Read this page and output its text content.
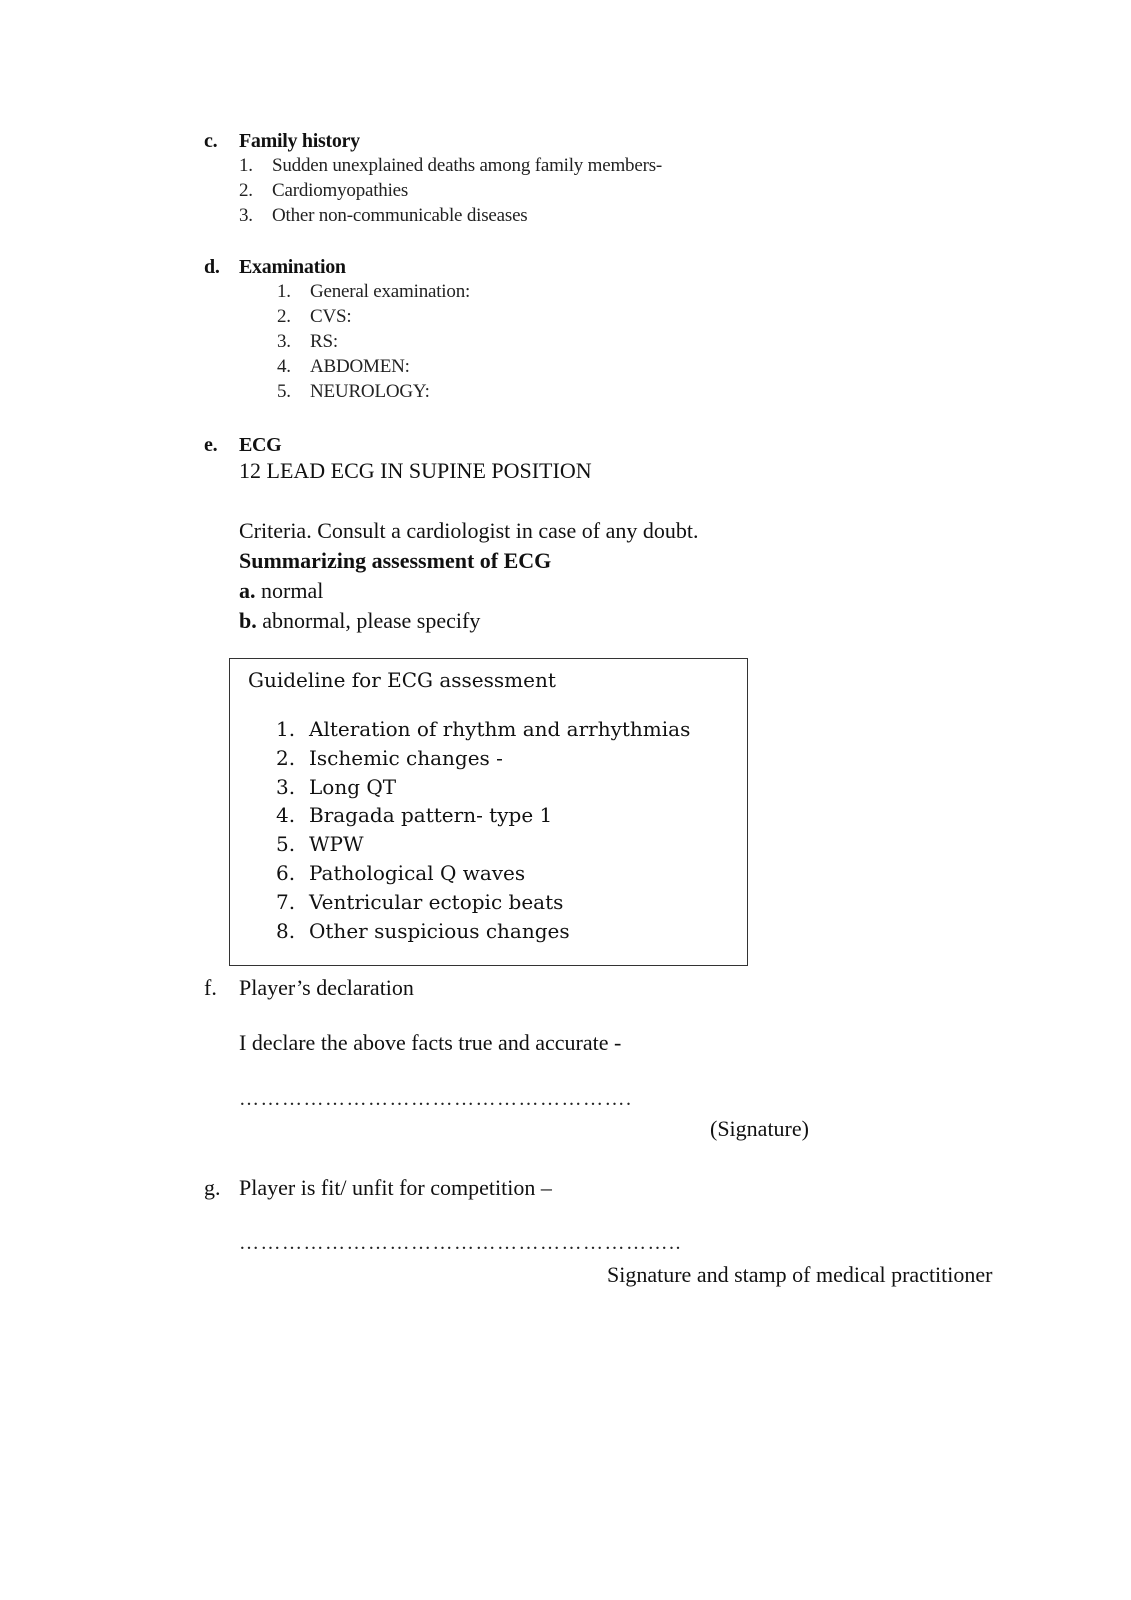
c. Family history
1.	Sudden unexplained deaths among family members-
2.	Cardiomyopathies
3.	Other non-communicable diseases
d. Examination
1.	General examination:
2.	CVS:
3.	RS:
4.	ABDOMEN:
5.	NEUROLOGY:
e. ECG
12 LEAD ECG IN SUPINE POSITION
Criteria. Consult a cardiologist in case of any doubt.
Summarizing assessment of ECG
a. normal
b. abnormal, please specify
Guideline for ECG assessment
1. Alteration of rhythm and arrhythmias
2. Ischemic changes -
3. Long QT
4. Bragada pattern- type 1
5. WPW
6. Pathological Q waves
7. Ventricular ectopic beats
8. Other suspicious changes
f. Player’s declaration
I declare the above facts true and accurate -
……………………………………………….
(Signature)
g. Player is fit/ unfit for competition –
……………………………………………………..
Signature and stamp of medical practitioner
